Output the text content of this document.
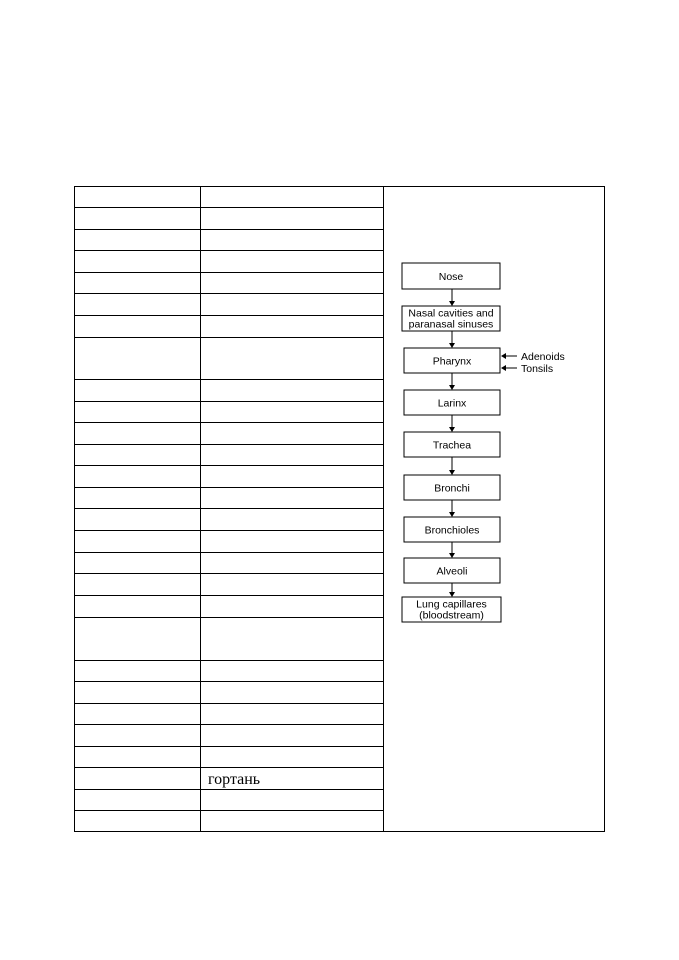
гортань
Nose
Nasal cavities and
paranasal sinuses
Pharynx
Larinx
Trachea
Bronchi
Bronchioles
Alveoli
Lung capillares
(bloodstream)
Adenoids
Tonsils
